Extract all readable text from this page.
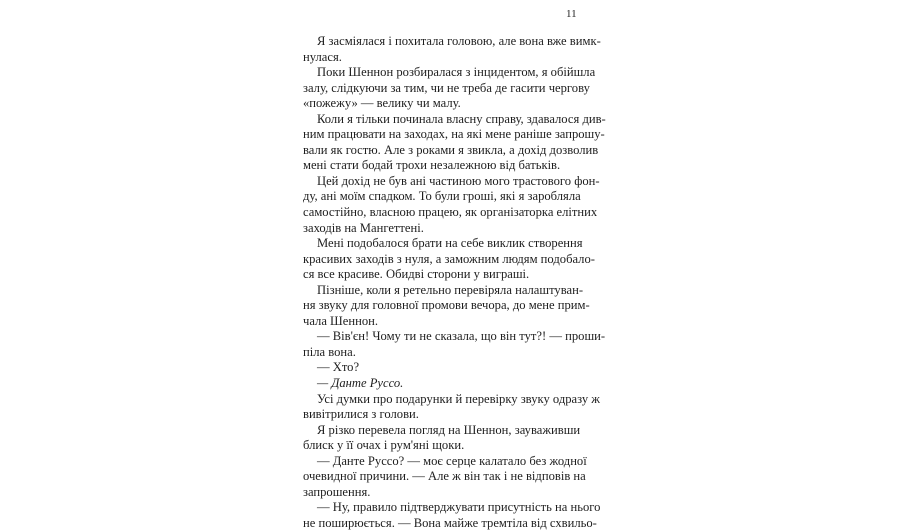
11
Я засміялася і похитала головою, але вона вже вимк-
нулася.
Поки Шеннон розбиралася з інцидентом, я обійшла
залу, слідкуючи за тим, чи не треба де гасити чергову
«пожежу» — велику чи малу.
Коли я тільки починала власну справу, здавалося див-
ним працювати на заходах, на які мене раніше запрошу-
вали як гостю. Але з роками я звикла, а дохід дозволив
мені стати бодай трохи незалежною від батьків.
Цей дохід не був ані частиною мого трастового фон-
ду, ані моїм спадком. То були гроші, які я заробляла
самостійно, власною працею, як організаторка елітних
заходів на Мангеттені.
Мені подобалося брати на себе виклик створення
красивих заходів з нуля, а заможним людям подобало-
ся все красиве. Обидві сторони у виграші.
Пізніше, коли я ретельно перевіряла налаштуван-
ня звуку для головної промови вечора, до мене прим-
чала Шеннон.
— Вів'єн! Чому ти не сказала, що він тут?! — проши-
піла вона.
— Хто?
— Данте Руссо.
Усі думки про подарунки й перевірку звуку одразу ж
вивітрилися з голови.
Я різко перевела погляд на Шеннон, зауваживши
блиск у її очах і рум'яні щоки.
— Данте Руссо? — моє серце калатало без жодної
очевидної причини. — Але ж він так і не відповів на
запрошення.
— Ну, правило підтверджувати присутність на нього
не поширюється. — Вона майже тремтіла від схвильо-
